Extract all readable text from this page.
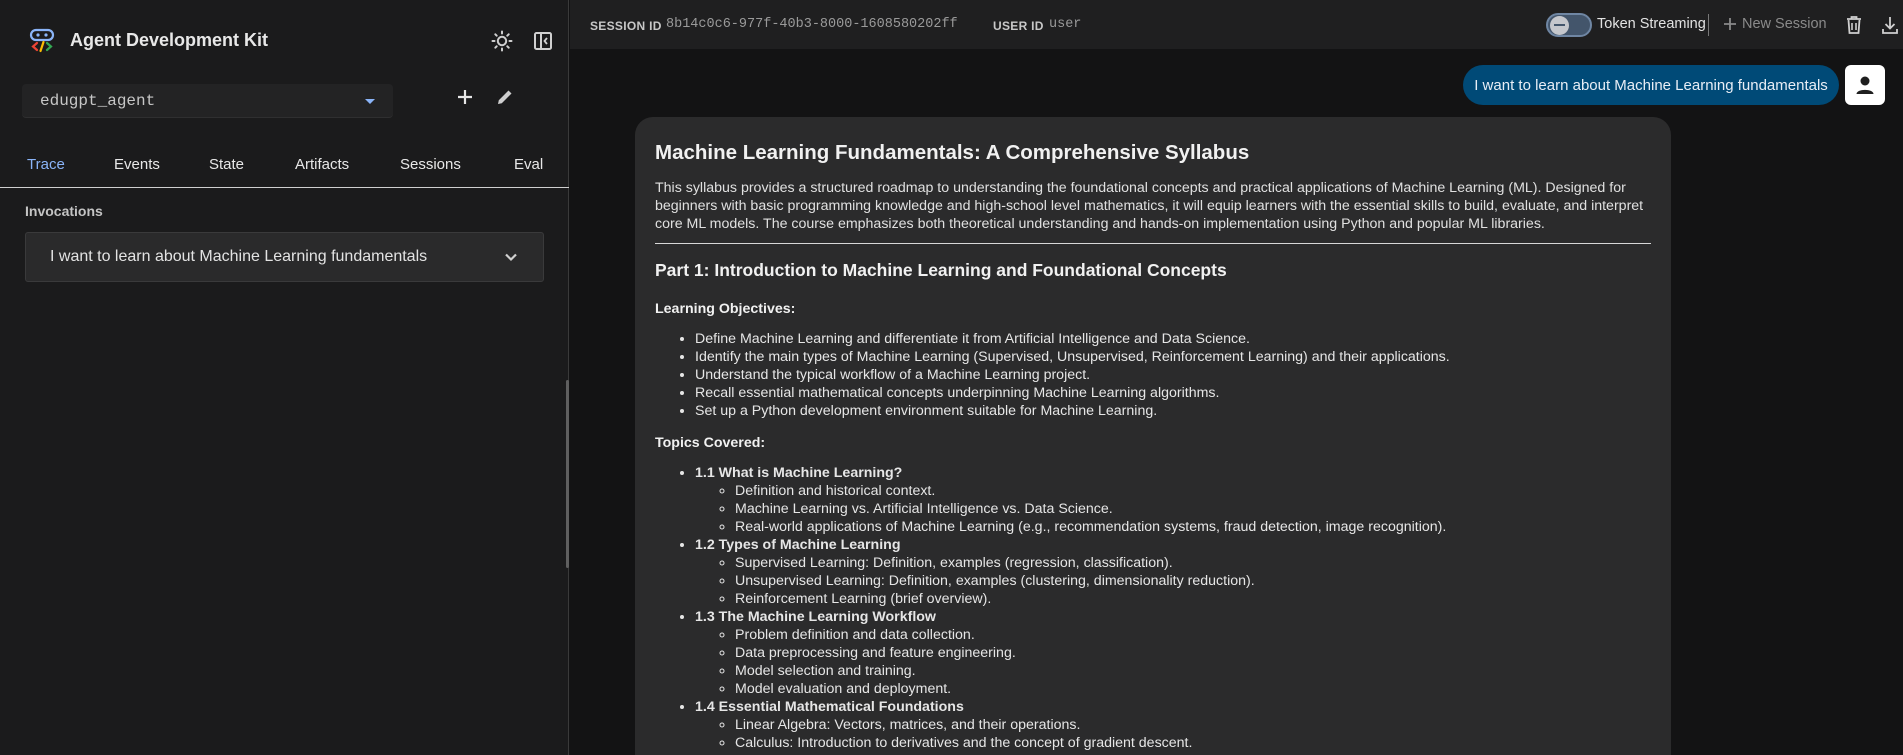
Agent Development Kit
edugpt_agent
Trace	Events	State	Artifacts	Sessions	Eval
Invocations
I want to learn about Machine Learning fundamentals
SESSION ID 8b14c0c6-977f-40b3-8000-1608580202ff	USER ID user	Token Streaming New Session
I want to learn about Machine Learning fundamentals
Machine Learning Fundamentals: A Comprehensive Syllabus

This syllabus provides a structured roadmap to understanding the foundational concepts and practical applications of Machine Learning (ML). Designed for beginners with basic programming knowledge and high-school level mathematics, it will equip learners with the essential skills to build, evaluate, and interpret core ML models. The course emphasizes both theoretical understanding and hands-on implementation using Python and popular ML libraries.

Part 1: Introduction to Machine Learning and Foundational Concepts
Learning Objectives:
• Define Machine Learning and differentiate it from Artificial Intelligence and Data Science.
• Identify the main types of Machine Learning (Supervised, Unsupervised, Reinforcement Learning) and their applications.
• Understand the typical workflow of a Machine Learning project.
• Recall essential mathematical concepts underpinning Machine Learning algorithms.
• Set up a Python development environment suitable for Machine Learning.
Topics Covered:
• 1.1 What is Machine Learning?
◦ Definition and historical context.
◦ Machine Learning vs. Artificial Intelligence vs. Data Science.
◦ Real-world applications of Machine Learning (e.g., recommendation systems, fraud detection, image recognition).
• 1.2 Types of Machine Learning
◦ Supervised Learning: Definition, examples (regression, classification).
◦ Unsupervised Learning: Definition, examples (clustering, dimensionality reduction).
◦ Reinforcement Learning (brief overview).
• 1.3 The Machine Learning Workflow
◦ Problem definition and data collection.
◦ Data preprocessing and feature engineering.
◦ Model selection and training.
◦ Model evaluation and deployment.
• 1.4 Essential Mathematical Foundations
◦ Linear Algebra: Vectors, matrices, and their operations.
◦ Calculus: Introduction to derivatives and the concept of gradient descent.
